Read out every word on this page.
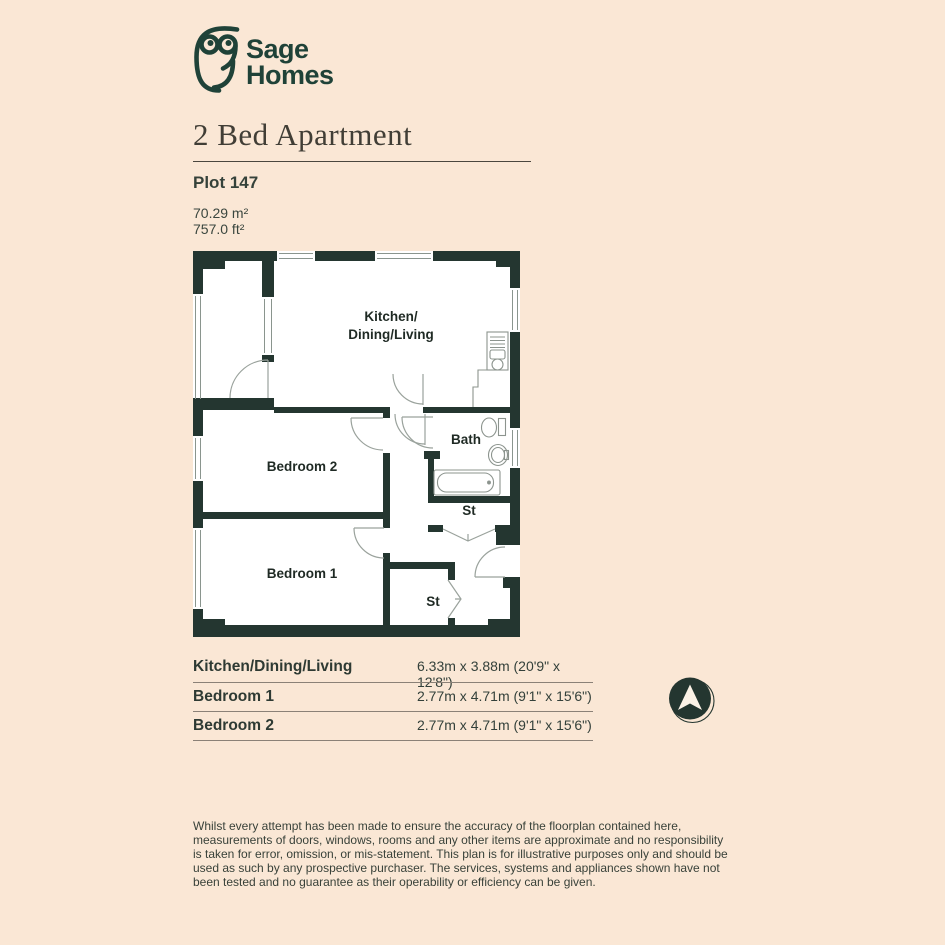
Sage
Homes
2 Bed Apartment
Plot 147
70.29 m²
757.0 ft²
Kitchen/
Dining/Living
Bedroom 2
Bedroom 1
Bath
St
St
Kitchen/Dining/Living	6.33m x 3.88m (20'9" x 12'8")
Bedroom 1	2.77m x 4.71m (9'1" x 15'6")
Bedroom 2	2.77m x 4.71m (9'1" x 15'6")
Whilst every attempt has been made to ensure the accuracy of the floorplan contained here, measurements of doors, windows, rooms and any other items are approximate and no responsibility is taken for error, omission, or mis-statement. This plan is for illustrative purposes only and should be used as such by any prospective purchaser. The services, systems and appliances shown have not been tested and no guarantee as their operability or efficiency can be given.
